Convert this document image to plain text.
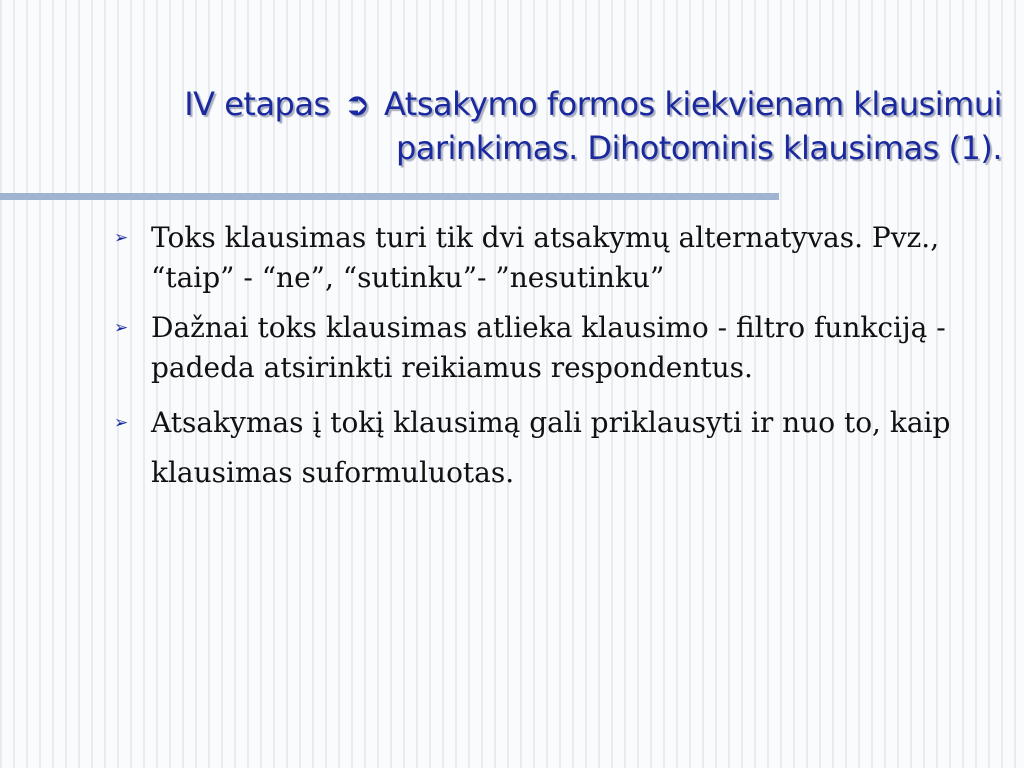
IV etapas ➲ Atsakymo formos kiekvienam klausimui parinkimas. Dihotominis klausimas (1).
➢ Toks klausimas turi tik dvi atsakymų alternatyvas. Pvz., “taip” - “ne”, “sutinku”- ”nesutinku”
➢ Dažnai toks klausimas atlieka klausimo - filtro funkciją - padeda atsirinkti reikiamus respondentus.
➢ Atsakymas į tokį klausimą gali priklausyti ir nuo to, kaip klausimas suformuluotas.
